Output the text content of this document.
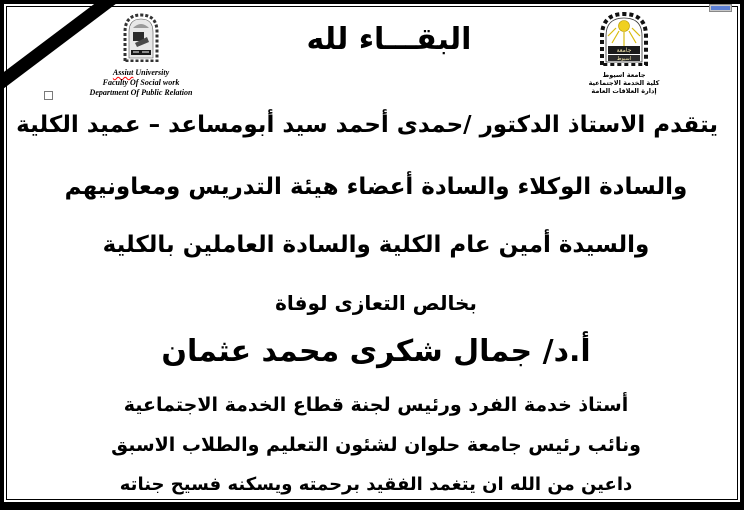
Assiut University
Faculty Of Social work
Department Of Public Relation
البقـــاء لله	جامعة
اسيوط
جامعة اسيوط
كلية الخدمة الاجتماعية
إدارة العلاقات العامة
يتقدم الاستاذ الدكتور /حمدى أحمد سيد أبومساعد – عميد الكلية
والسادة الوكلاء والسادة أعضاء هيئة التدريس ومعاونيهم
والسيدة أمين عام الكلية والسادة العاملين بالكلية
بخالص التعازى لوفاة
أ.د/ جمال شكرى محمد عثمان
أستاذ خدمة الفرد ورئيس لجنة قطاع الخدمة الاجتماعية
ونائب رئيس جامعة حلوان لشئون التعليم والطلاب الاسبق
داعين من الله ان يتغمد الفقيد برحمته ويسكنه فسيح جناته
